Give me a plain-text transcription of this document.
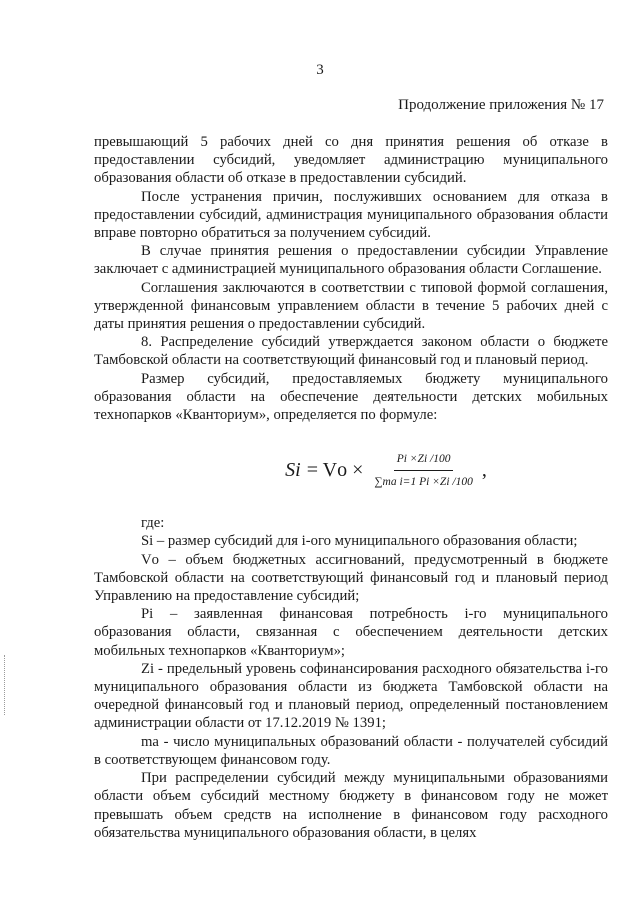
3
Продолжение приложения № 17

превышающий 5 рабочих дней со дня принятия решения об отказе в предоставлении субсидий, уведомляет администрацию муниципального образования области об отказе в предоставлении субсидий.

После устранения причин, послуживших основанием для отказа в предоставлении субсидий, администрация муниципального образования области вправе повторно обратиться за получением субсидий.

В случае принятия решения о предоставлении субсидии Управление заключает с администрацией муниципального образования области Соглашение.

Соглашения заключаются в соответствии с типовой формой соглашения, утвержденной финансовым управлением области в течение 5 рабочих дней с даты принятия решения о предоставлении субсидий.

8. Распределение субсидий утверждается законом области о бюджете Тамбовской области на соответствующий финансовый год и плановый период.

Размер субсидий, предоставляемых бюджету муниципального образования области на обеспечение деятельности детских мобильных технопарков «Кванториум», определяется по формуле:

Si = Vо × $\frac{Pi \times Zi /100}{\text{∑ma i=1 Pi ×Zi /100}}$ ,

где:

Si – размер субсидий для i-ого муниципального образования области;

Vо – объем бюджетных ассигнований, предусмотренный в бюджете Тамбовской области на соответствующий финансовый год и плановый период Управлению на предоставление субсидий;

Pi – заявленная финансовая потребность i-го муниципального образования области, связанная с обеспечением деятельности детских мобильных технопарков «Кванториум»;

Zi - предельный уровень софинансирования расходного обязательства i-го муниципального образования области из бюджета Тамбовской области на очередной финансовый год и плановый период, определенный постановлением администрации области от 17.12.2019 № 1391;

mа - число муниципальных образований области - получателей субсидий в соответствующем финансовом году.

При распределении субсидий между муниципальными образованиями области объем субсидий местному бюджету в финансовом году не может превышать объем средств на исполнение в финансовом году расходного обязательства муниципального образования области, в целях
